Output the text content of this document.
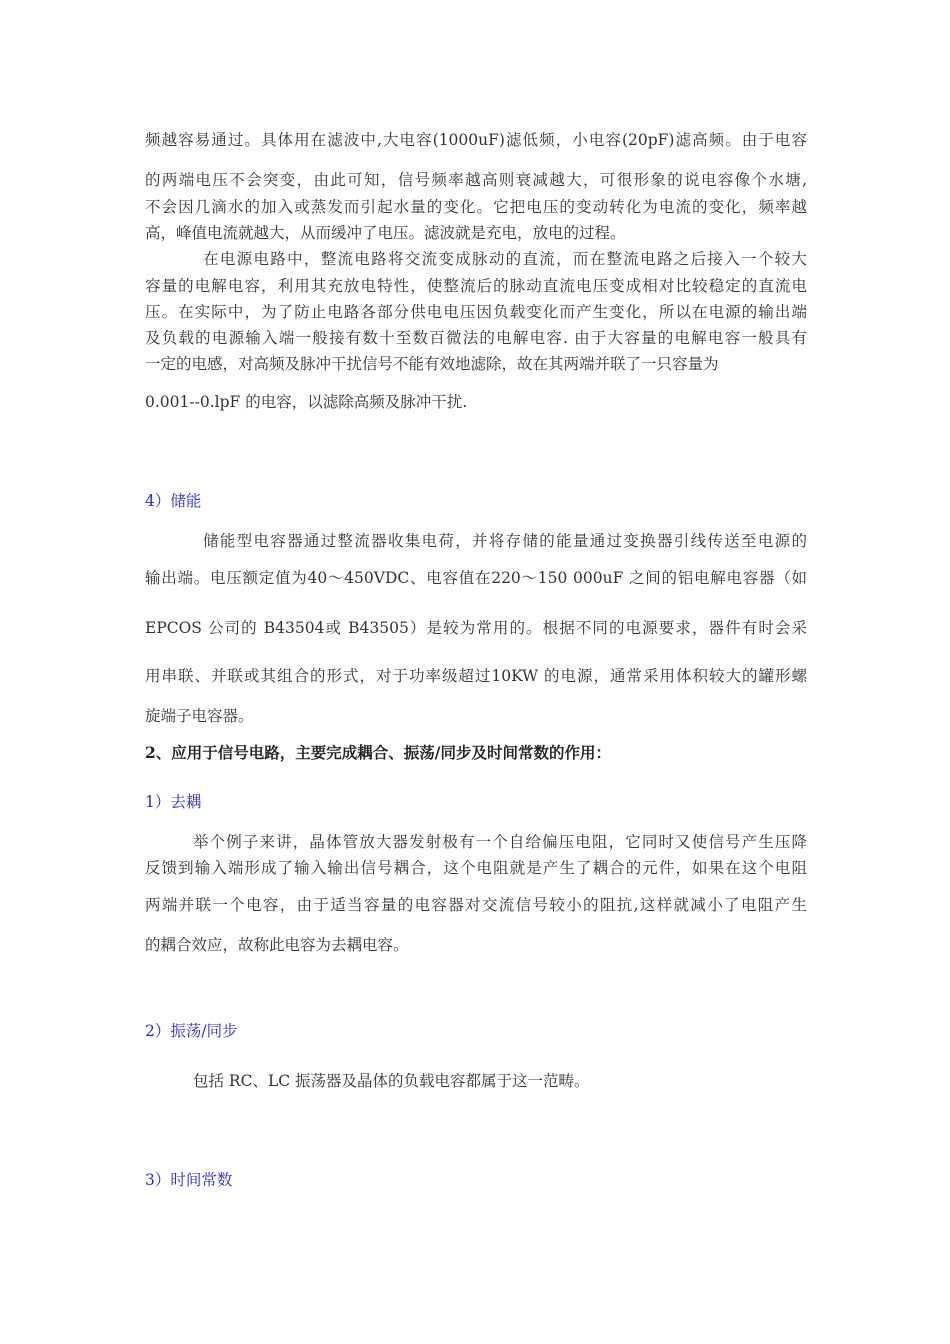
频越容易通过。具体用在滤波中,大电容(1000uF)滤低频，小电容(20pF)滤高频。由于电容
的两端电压不会突变，由此可知，信号频率越高则衰减越大，可很形象的说电容像个水塘,
不会因几滴水的加入或蒸发而引起水量的变化。它把电压的变动转化为电流的变化，频率越
高，峰值电流就越大，从而缓冲了电压。滤波就是充电，放电的过程。
在电源电路中，整流电路将交流变成脉动的直流，而在整流电路之后接入一个较大
容量的电解电容，利用其充放电特性，使整流后的脉动直流电压变成相对比较稳定的直流电
压。在实际中，为了防止电路各部分供电电压因负载变化而产生变化，所以在电源的输出端
及负载的电源输入端一般接有数十至数百微法的电解电容. 由于大容量的电解电容一般具有
一定的电感，对高频及脉冲干扰信号不能有效地滤除，故在其两端并联了一只容量为
0.001--0.lpF 的电容，以滤除高频及脉冲干扰.
4）储能
储能型电容器通过整流器收集电荷，并将存储的能量通过变换器引线传送至电源的
输出端。电压额定值为40～450VDC、电容值在220～150 000uF 之间的铝电解电容器（如
EPCOS 公司的 B43504或 B43505）是较为常用的。根据不同的电源要求，器件有时会采
用串联、并联或其组合的形式，对于功率级超过10KW 的电源，通常采用体积较大的罐形螺
旋端子电容器。
2、应用于信号电路，主要完成耦合、振荡/同步及时间常数的作用：
1）去耦
举个例子来讲，晶体管放大器发射极有一个自给偏压电阻，它同时又使信号产生压降
反馈到输入端形成了输入输出信号耦合，这个电阻就是产生了耦合的元件，如果在这个电阻
两端并联一个电容，由于适当容量的电容器对交流信号较小的阻抗,这样就减小了电阻产生
的耦合效应，故称此电容为去耦电容。
2）振荡/同步
包括 RC、LC 振荡器及晶体的负载电容都属于这一范畴。
3）时间常数
